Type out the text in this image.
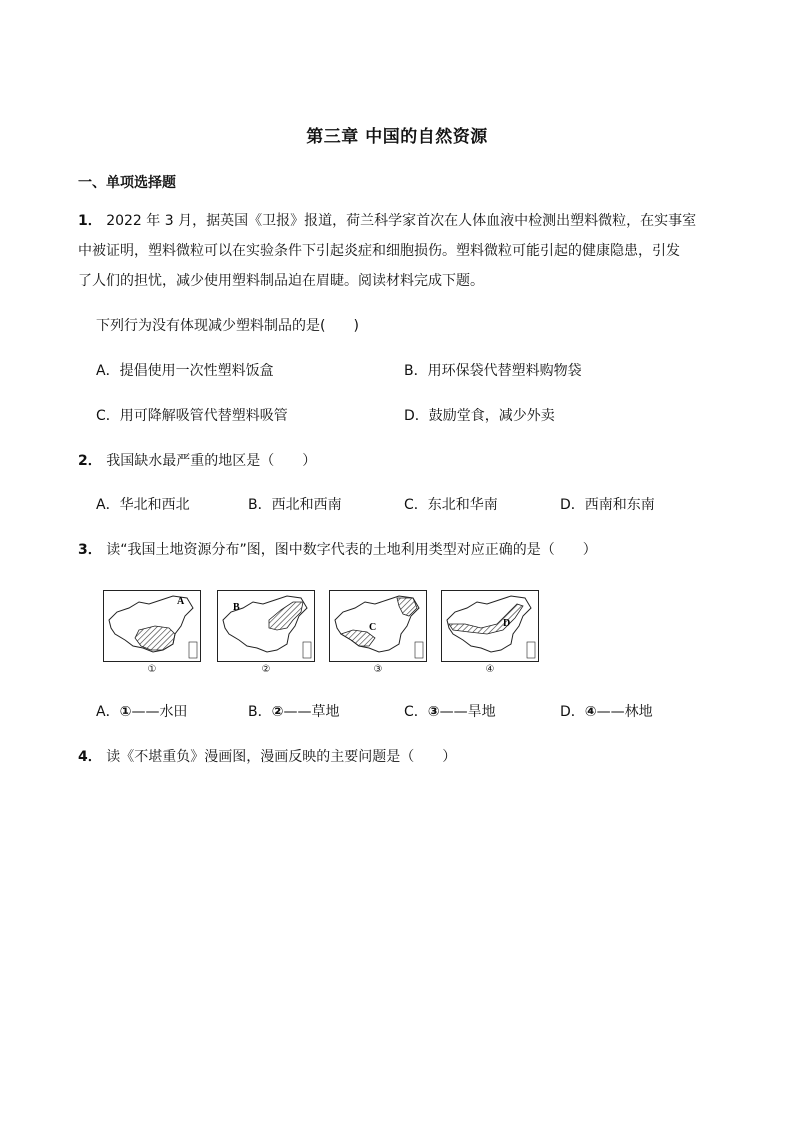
第三章 中国的自然资源
一、单项选择题
1． 2022 年 3 月，据英国《卫报》报道，荷兰科学家首次在人体血液中检测出塑料微粒，在实事室
中被证明，塑料微粒可以在实验条件下引起炎症和细胞损伤。塑料微粒可能引起的健康隐患，引发
了人们的担忧，减少使用塑料制品迫在眉睫。阅读材料完成下题。
下列行为没有体现减少塑料制品的是(　　)
A．提倡使用一次性塑料饭盒	B．用环保袋代替塑料购物袋
C．用可降解吸管代替塑料吸管	D．鼓励堂食，减少外卖
2． 我国缺水最严重的地区是（　　）
A．华北和西北	B．西北和西南	C．东北和华南	D．西南和东南
3． 读“我国土地资源分布”图，图中数字代表的土地利用类型对应正确的是（　　）
A
①
B
②
C
③
D
④
A．①——水田	B．②——草地	C．③——旱地	D．④——林地
4． 读《不堪重负》漫画图，漫画反映的主要问题是（　　）
